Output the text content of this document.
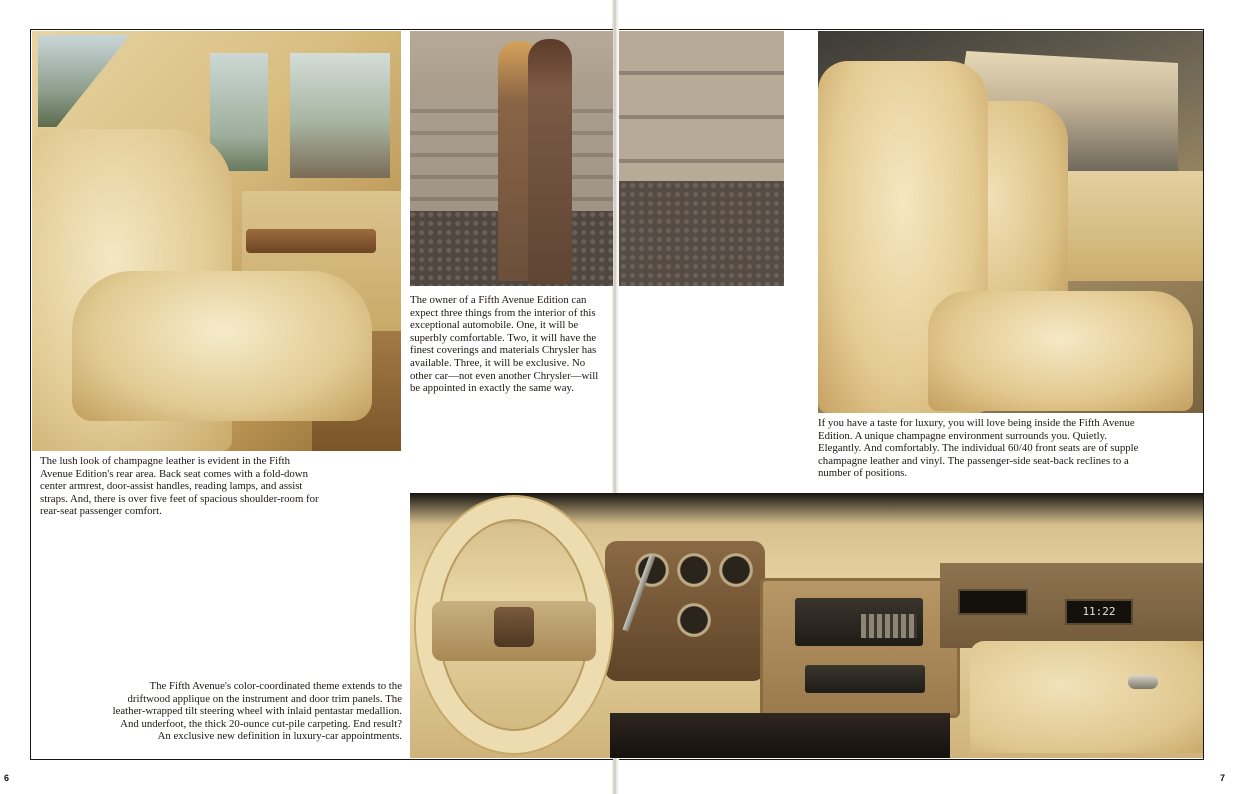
11:22

The lush look of champagne leather is evident in the Fifth Avenue Edition's rear area. Back seat comes with a fold-down center armrest, door-assist handles, reading lamps, and assist straps. And, there is over five feet of spacious shoulder-room for rear-seat passenger comfort.

The owner of a Fifth Avenue Edition can expect three things from the interior of this exceptional automobile. One, it will be superbly comfortable. Two, it will have the finest coverings and materials Chrysler has available. Three, it will be exclusive. No other car—not even another Chrysler—will be appointed in exactly the same way.

If you have a taste for luxury, you will love being inside the Fifth Avenue Edition. A unique champagne environment surrounds you. Quietly. Elegantly. And comfortably. The individual 60/40 front seats are of supple champagne leather and vinyl. The passenger-side seat-back reclines to a number of positions.

The Fifth Avenue's color-coordinated theme extends to the driftwood applique on the instrument and door trim panels. The leather-wrapped tilt steering wheel with inlaid pentastar medallion. And underfoot, the thick 20-ounce cut-pile carpeting. End result? An exclusive new definition in luxury-car appointments.

6	7
